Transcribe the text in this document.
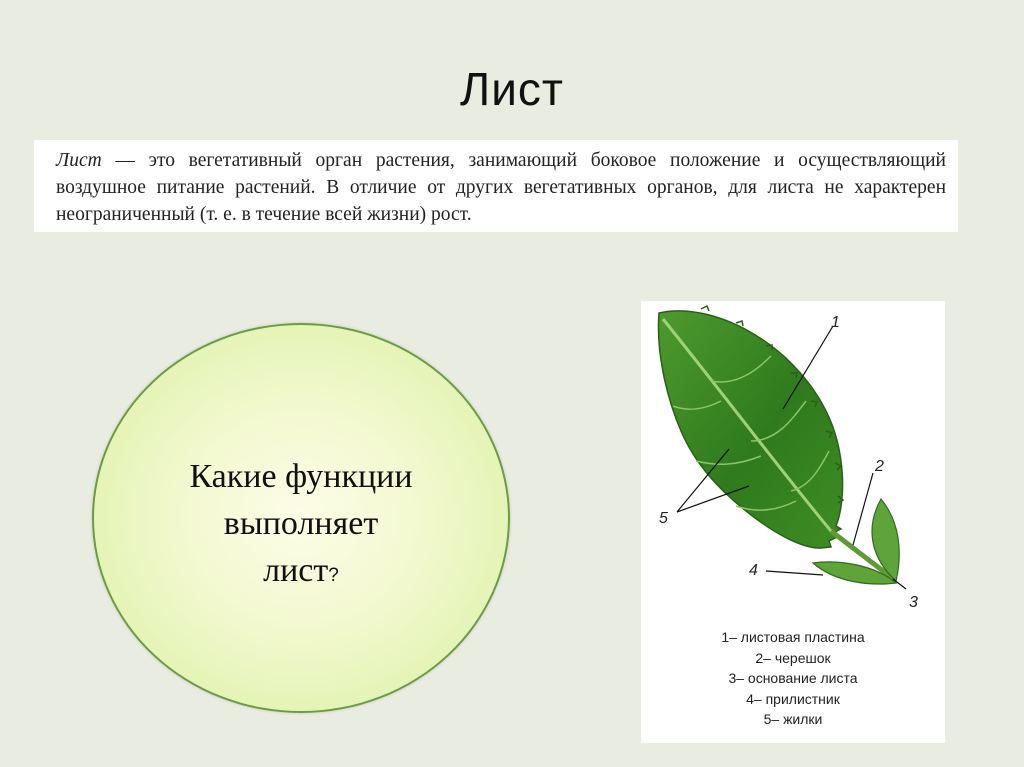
Лист
Лист — это вегетативный орган растения, занимающий боковое положение и осуществляющий воздушное питание растений. В отличие от других вегетативных органов, для листа не характерен неограниченный (т. е. в течение всей жизни) рост.
Какие функции
выполняет
лист?
1
2
3
4
5
1– листовая пластина
2– черешок
3– основание листа
4– прилистник
5– жилки
